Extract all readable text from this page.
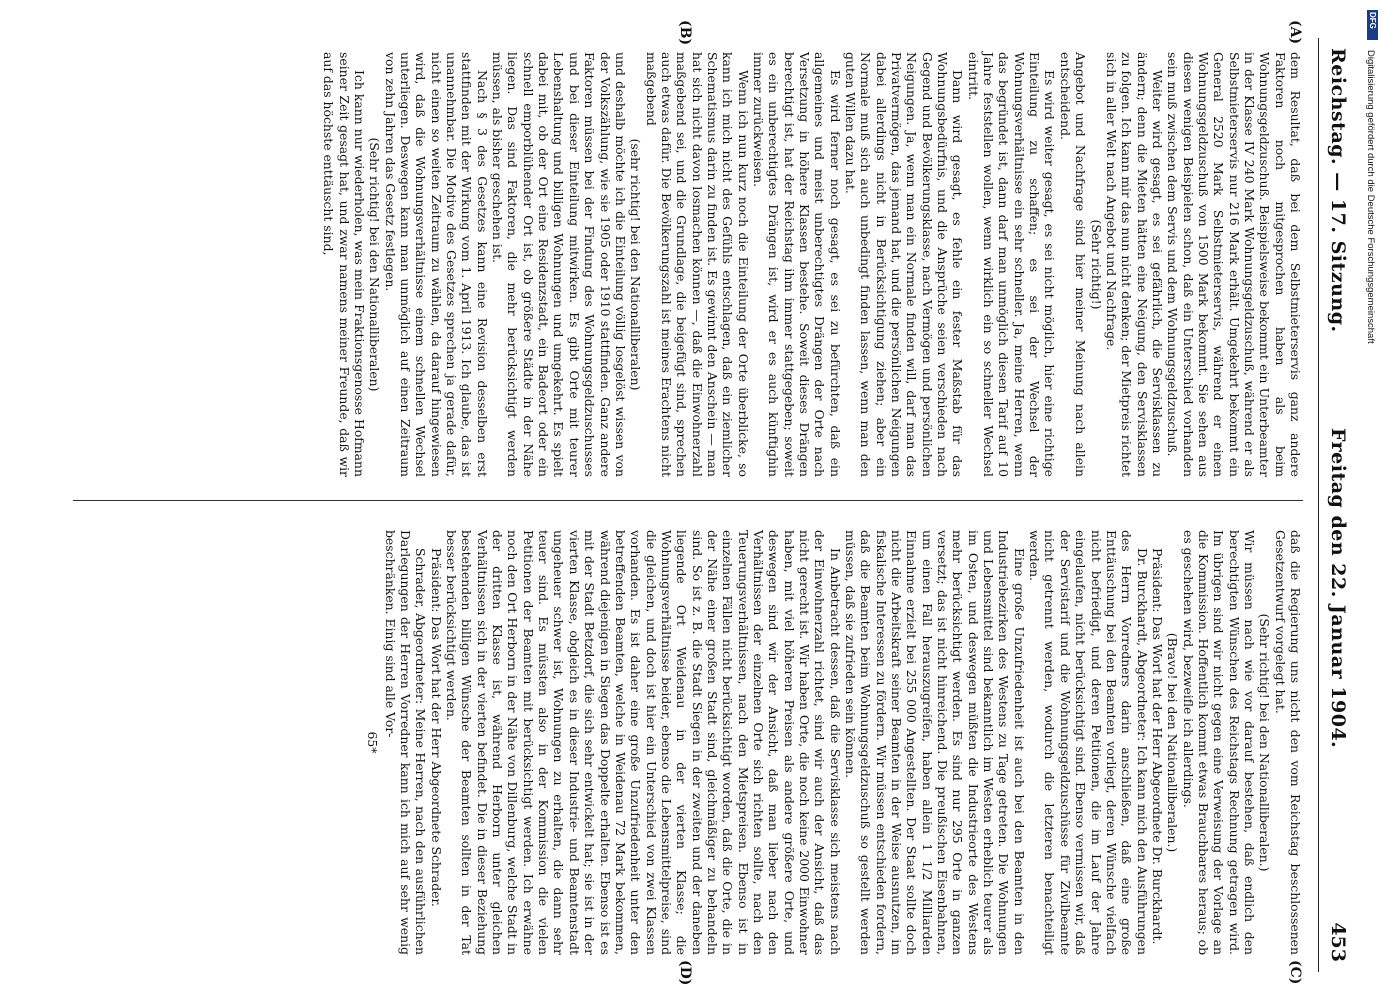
Reichstag. — 17. Sitzung.
Freitag den 22. Januar 1904.
453
(A)
(B)
(C)
(D)

dem Resultat, daß bei dem Selbstmieterservis ganz andere Faktoren noch mitgesprochen haben als beim Wohnungsgeldzuschuß. Beispielsweise bekommt ein Unterbeamter in der Klasse IV 240 Mark Wohnungsgeldzuschuß, während er als Selbstmieterservis nur 216 Mark erhält. Umgekehrt bekommt ein General 2520 Mark Selbstmieterservis, während er einen Wohnungsgeldzuschuß von 1500 Mark bekommt. Sie sehen aus diesen wenigen Beispielen schon, daß ein Unterschied vorhanden sein muß zwischen dem Servis und dem Wohnungsgeldzuschuß.

Weiter wird gesagt, es sei gefährlich, die Servisklassen zu ändern; denn die Mieten hätten eine Neigung, den Servisklassen zu folgen. Ich kann mir das nun nicht denken; der Mietpreis richtet sich in aller Welt nach Angebot und Nachfrage.

(Sehr richtig!)

Angebot und Nachfrage sind hier meiner Meinung nach allein entscheidend.

Es wird weiter gesagt, es sei nicht möglich, hier eine richtige Einteilung zu schaffen; es sei der Wechsel der Wohnungsverhältnisse ein sehr schneller. Ja, meine Herren, wenn das begründet ist, dann darf man unmöglich diesen Tarif auf 10 Jahre feststellen wollen, wenn wirklich ein so schneller Wechsel eintritt.

Dann wird gesagt, es fehle ein fester Maßstab für das Wohnungsbedürfnis, und die Ansprüche seien verschieden nach Gegend und Bevölkerungsklasse, nach Vermögen und persönlichen Neigungen. Ja, wenn man ein Normale finden will, darf man das Privatvermögen, das jemand hat, und die persönlichen Neigungen dabei allerdings nicht in Berücksichtigung ziehen; aber ein Normale muß sich auch unbedingt finden lassen, wenn man den guten Willen dazu hat.

Es wird ferner noch gesagt, es sei zu befürchten, daß ein allgemeines und meist unberechtigtes Drängen der Orte nach Versetzung in höhere Klassen bestehe. Soweit dieses Drängen berechtigt ist, hat der Reichstag ihm immer stattgegeben; soweit es ein unberechtigtes Drängen ist, wird er es auch künftighin immer zurückweisen.

Wenn ich nun kurz noch die Einteilung der Orte überblicke, so kann ich mich nicht des Gefühls entschlagen, daß ein ziemlicher Schematismus darin zu finden ist. Es gewinnt den Anschein — man hat sich nicht davon losmachen können —, daß die Einwohnerzahl maßgebend sei, und die Grundlage, die beigefügt sind, sprechen auch etwas dafür. Die Bevölkerungszahl ist meines Erachtens nicht maßgebend

(sehr richtig! bei den Nationalliberalen)

und deshalb möchte ich die Einteilung völlig losgelöst wissen von der Volkszählung, wie sie 1905 oder 1910 stattfinden. Ganz andere Faktoren müssen bei der Findung des Wohnungsgeldzuschusses und bei dieser Einteilung mitwirken. Es gibt Orte mit teurer Lebenshaltung und billigen Wohnungen und umgekehrt. Es spielt dabei mit, ob der Ort eine Residenzstadt, ein Badeort oder ein schnell emporblühender Ort ist, ob größere Städte in der Nähe liegen. Das sind Faktoren, die mehr berücksichtigt werden müssen, als bisher geschehen ist.

Nach § 3 des Gesetzes kann eine Revision desselben erst stattfinden mit der Wirkung vom 1. April 1913. Ich glaube, das ist unannehmbar. Die Motive des Gesetzes sprechen ja gerade dafür, nicht einen so weiten Zeitraum zu wählen, da darauf hingewiesen wird, daß die Wohnungsverhältnisse einem schnellen Wechsel unterliegen. Deswegen kann man unmöglich auf einen Zeitraum von zehn Jahren das Gesetz festlegen.

(Sehr richtig! bei den Nationalliberalen)

Ich kann nur wiederholen, was mein Fraktionsgenosse Hofmann seiner Zeit gesagt hat, und zwar namens meiner Freunde, daß wir auf das höchste enttäuscht sind,

daß die Regierung uns nicht den vom Reichstag beschlossenen Gesetzentwurf vorgelegt hat.

(Sehr richtig! bei den Nationalliberalen.)

Wir müssen nach wie vor darauf bestehen, daß endlich den berechtigten Wünschen des Reichstags Rechnung getragen wird. Im übrigen sind wir nicht gegen eine Verweisung der Vorlage an die Kommission. Hoffentlich kommt etwas Brauchbares heraus; ob es geschehen wird, bezweifle ich allerdings.

(Bravo! bei den Nationalliberalen.)

Präsident: Das Wort hat der Herr Abgeordnete Dr. Burckhardt.

Dr. Burckhardt, Abgeordneter: Ich kann mich den Ausführungen des Herrn Vorredners darin anschließen, daß eine große Enttäuschung bei den Beamten vorliegt, deren Wünsche vielfach nicht befriedigt, und deren Petitionen, die im Lauf der Jahre eingelaufen, nicht berücksichtigt sind. Ebenso vermissen wir, daß der Servistarif und die Wohnungsgeldzuschüsse für Zivilbeamte nicht getrennt werden, wodurch die letzteren benachteiligt werden.

Eine große Unzufriedenheit ist auch bei den Beamten in den Industriebezirken des Westens zu Tage getreten. Die Wohnungen und Lebensmittel sind bekanntlich im Westen erheblich teurer als im Osten, und deswegen müßten die Industrieorte des Westens mehr berücksichtigt werden. Es sind nur 295 Orte in ganzen versetzt; das ist nicht hinreichend. Die preußischen Eisenbahnen, um einen Fall herauszugreifen, haben allein 1 1/2 Milliarden Einnahme erzielt bei 255 000 Angestellten. Der Staat sollte doch nicht die Arbeitskraft seiner Beamten in der Weise ausnutzen, im fiskalische Interessen zu fördern. Wir müssen entschieden fordern, daß die Beamten beim Wohnungsgeldzuschuß so gestellt werden müssen, daß sie zufrieden sein können.

In Anbetracht dessen, daß die Servisklasse sich meistens nach der Einwohnerzahl richtet, sind wir auch der Ansicht, daß das nicht gerecht ist. Wir haben Orte, die noch keine 2000 Einwohner haben, mit viel höheren Preisen als andere größere Orte, und deswegen sind wir der Ansicht, daß man lieber nach den Verhältnissen der einzelnen Orte sich richten sollte, nach den Teuerungsverhältnissen, nach den Mietspreisen. Ebenso ist in einzelnen Fällen nicht berücksichtigt worden, daß die Orte, die in der Nähe einer großen Stadt sind, gleichmäßiger zu behandeln sind. So ist z. B. die Stadt Siegen in der zweiten und der daneben liegende Ort Weidenau in der vierten Klasse; die Wohnungsverhältnisse beider, ebenso die Lebensmittelpreise, sind die gleichen, und doch ist hier ein Unterschied von zwei Klassen vorhanden. Es ist daher eine große Unzufriedenheit unter den betreffenden Beamten, welche in Weidenau 72 Mark bekommen, während diejenigen in Siegen das Doppelte erhalten. Ebenso ist es mit der Stadt Betzdorf, die sich sehr entwickelt hat; sie ist in der vierten Klasse, obgleich es in dieser Industrie- und Beamtenstadt ungeheuer schwer ist, Wohnungen zu erhalten, die dann sehr teuer sind. Es müssten also in der Kommission die vielen Petitionen der Beamten mit berücksichtigt werden. Ich erwähne noch den Ort Herborn in der Nähe von Dillenburg, welche Stadt in der dritten Klasse ist, während Herborn unter gleichen Verhältnissen sich in der vierten befindet. Die in dieser Beziehung bestehenden billigen Wünsche der Beamten sollten in der Tat besser berücksichtigt werden.

Präsident: Das Wort hat der Herr Abgeordnete Schrader.

Schrader, Abgeordneter: Meine Herren, nach den ausführlichen Darlegungen der Herren Vorredner kann ich mich auf sehr wenig beschränken. Einig sind alle Vor-

65*

Digitalisierung gefördert durch die Deutsche Forschungsgemeinschaft
DFG
